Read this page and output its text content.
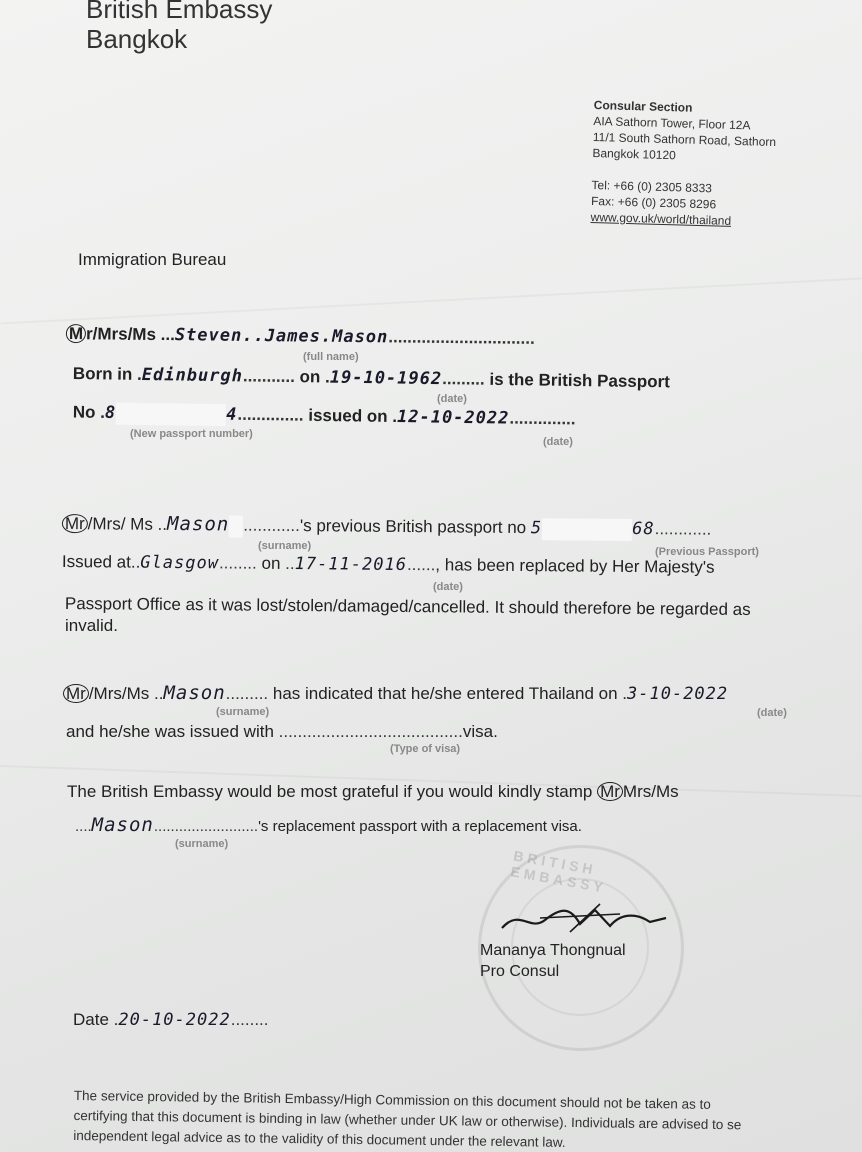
British Embassy
Bangkok
Consular Section
AIA Sathorn Tower, Floor 12A
11/1 South Sathorn Road, Sathorn
Bangkok 10120
Tel: +66 (0) 2305 8333
Fax: +66 (0) 2305 8296
www.gov.uk/world/thailand
Immigration Bureau
M r/Mrs/Ms ...Steven..James.Mason...............................
(full name)
Born in .Edinburgh........... on .19-10-1962......... is the British Passport
(date)
No .8	4.............. issued on .12-10-2022..............
(New passport number)
(date)
Mr /Mrs/ Ms ..Mason ............'s previous British passport no 5	68............
(surname)	(Previous Passport)
Issued at..Glasgow........ on ..17-11-2016......, has been replaced by Her Majesty's
(date)
Passport Office as it was lost/stolen/damaged/cancelled. It should therefore be regarded as
invalid.
Mr /Mrs/Ms ..Mason......... has indicated that he/she entered Thailand on .3-10-2022
(surname)	(date)
and he/she was issued with .......................................visa.
(Type of visa)
The British Embassy would be most grateful if you would kindly stamp Mr Mrs/Ms
....Mason.........................'s replacement passport with a replacement visa.
(surname)
BRITISH EMBASSY
Mananya Thongnual
Pro Consul
Date .20-10-2022........
The service provided by the British Embassy/High Commission on this document should not be taken as to
certifying that this document is binding in law (whether under UK law or otherwise). Individuals are advised to se
independent legal advice as to the validity of this document under the relevant law.
